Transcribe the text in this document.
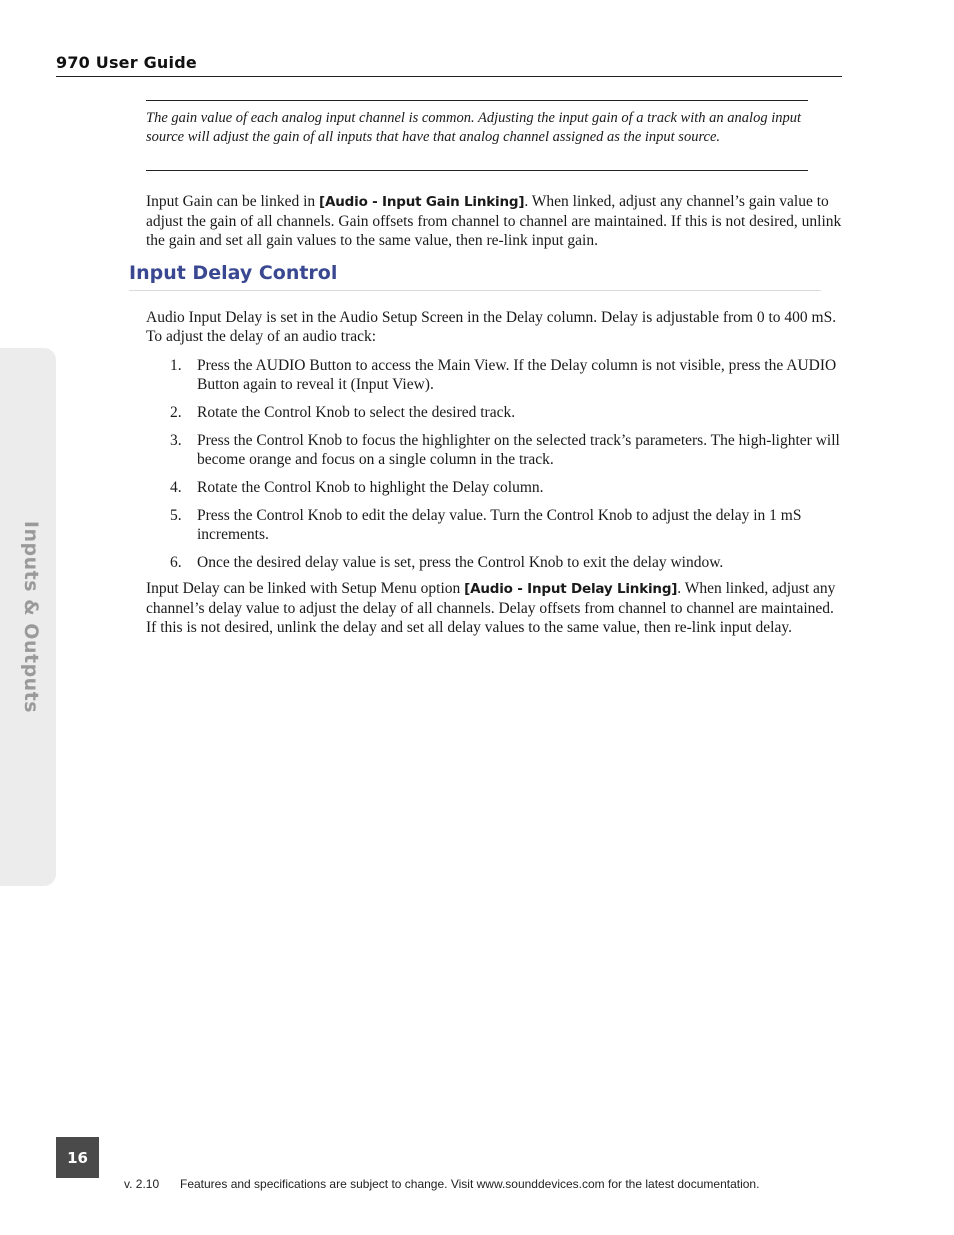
970 User Guide
The gain value of each analog input channel is common. Adjusting the input gain of a track with an analog input source will adjust the gain of all inputs that have that analog channel assigned as the input source.

Input Gain can be linked in [Audio - Input Gain Linking]. When linked, adjust any channel’s gain value to adjust the gain of all channels. Gain offsets from channel to channel are maintained. If this is not desired, unlink the gain and set all gain values to the same value, then re-link input gain.

Input Delay Control

Audio Input Delay is set in the Audio Setup Screen in the Delay column. Delay is adjustable from 0 to 400 mS. To adjust the delay of an audio track:

1. Press the AUDIO Button to access the Main View. If the Delay column is not visible, press the AUDIO Button again to reveal it (Input View).
2. Rotate the Control Knob to select the desired track.
3. Press the Control Knob to focus the highlighter on the selected track’s parameters. The high-lighter will become orange and focus on a single column in the track.
4. Rotate the Control Knob to highlight the Delay column.
5. Press the Control Knob to edit the delay value. Turn the Control Knob to adjust the delay in 1 mS increments.
6. Once the desired delay value is set, press the Control Knob to exit the delay window.

Input Delay can be linked with Setup Menu option [Audio - Input Delay Linking]. When linked, adjust any channel’s delay value to adjust the delay of all channels. Delay offsets from channel to channel are maintained. If this is not desired, unlink the delay and set all delay values to the same value, then re-link input delay.

Inputs & Outputs
16
v. 2.10 Features and specifications are subject to change. Visit www.sounddevices.com for the latest documentation.
